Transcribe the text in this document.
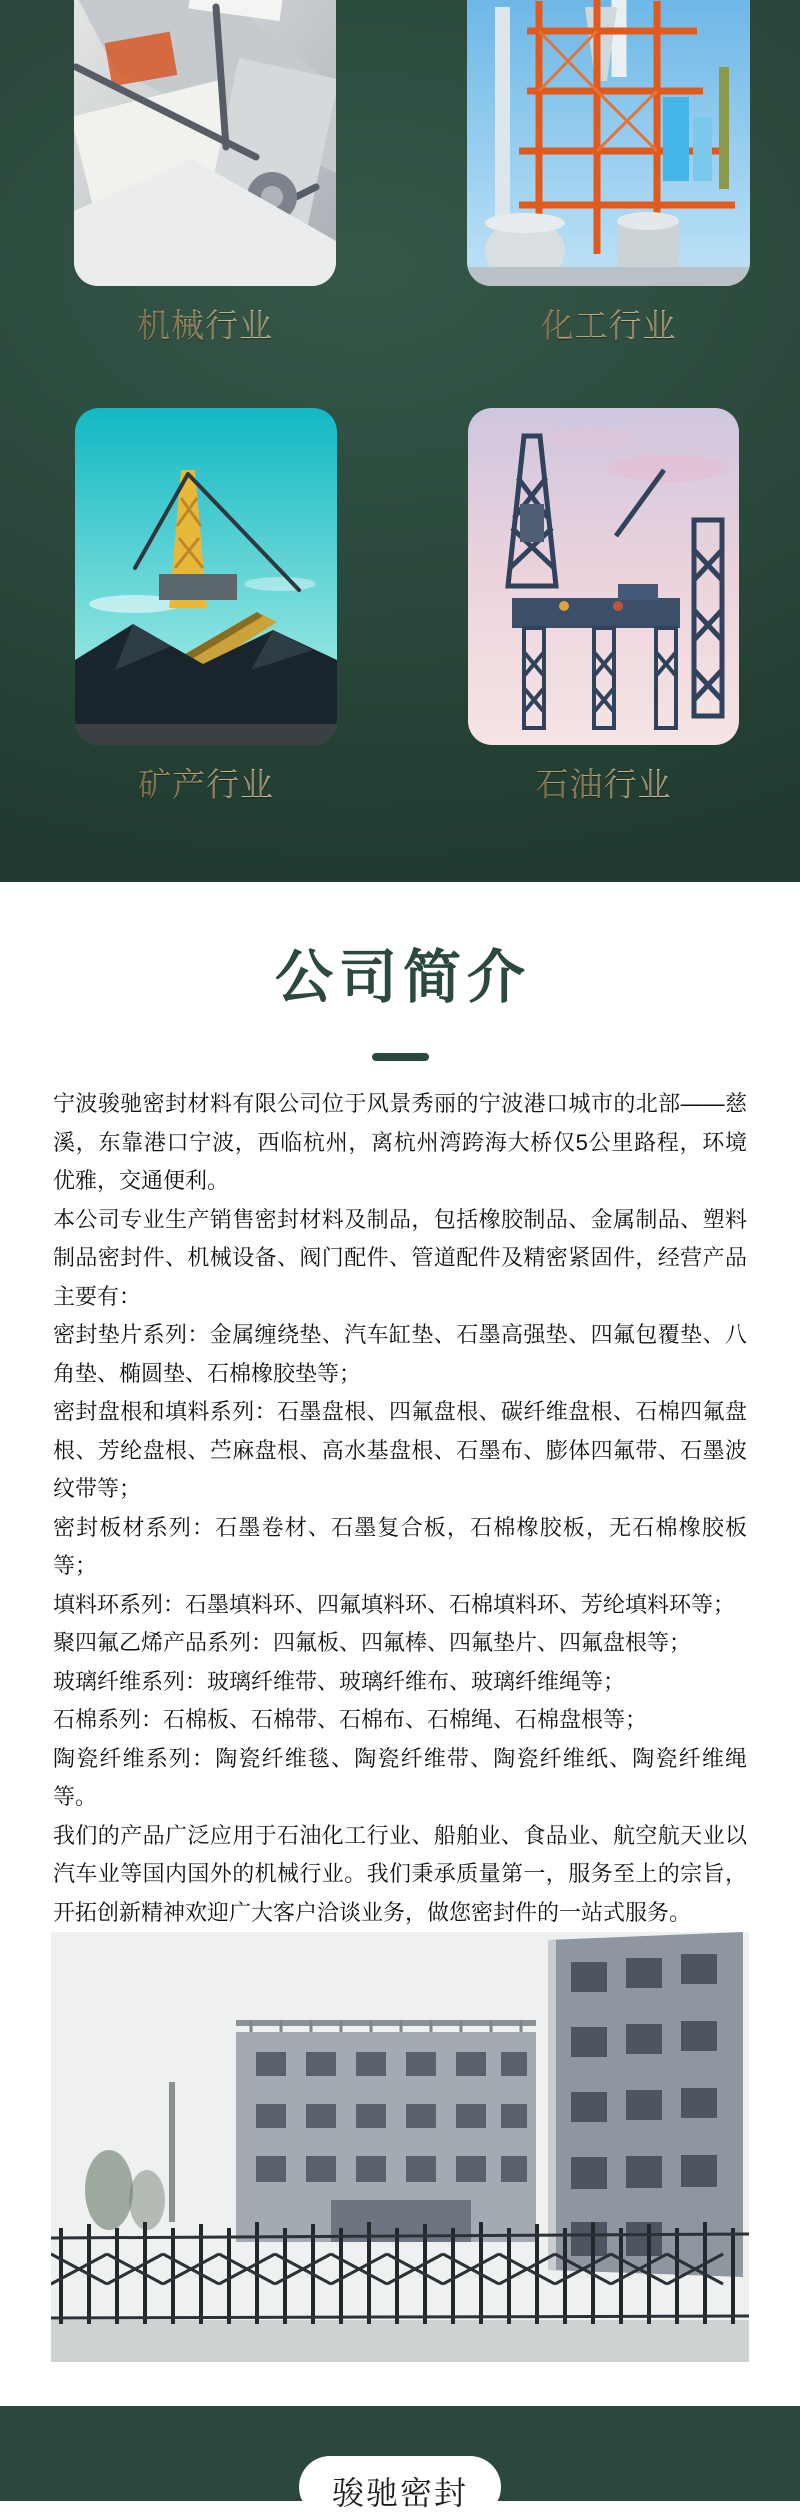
机械行业	化工行业
矿产行业	石油行业
公司简介

宁波骏驰密封材料有限公司位于风景秀丽的宁波港口城市的北部——慈溪，东靠港口宁波，西临杭州，离杭州湾跨海大桥仅5公里路程，环境优雅，交通便利。

本公司专业生产销售密封材料及制品，包括橡胶制品、金属制品、塑料制品密封件、机械设备、阀门配件、管道配件及精密紧固件，经营产品主要有：

密封垫片系列：金属缠绕垫、汽车缸垫、石墨高强垫、四氟包覆垫、八角垫、椭圆垫、石棉橡胶垫等；

密封盘根和填料系列：石墨盘根、四氟盘根、碳纤维盘根、石棉四氟盘根、芳纶盘根、苎麻盘根、高水基盘根、石墨布、膨体四氟带、石墨波纹带等；

密封板材系列：石墨卷材、石墨复合板，石棉橡胶板，无石棉橡胶板等；

填料环系列：石墨填料环、四氟填料环、石棉填料环、芳纶填料环等；

聚四氟乙烯产品系列：四氟板、四氟棒、四氟垫片、四氟盘根等；

玻璃纤维系列：玻璃纤维带、玻璃纤维布、玻璃纤维绳等；

石棉系列：石棉板、石棉带、石棉布、石棉绳、石棉盘根等；

陶瓷纤维系列：陶瓷纤维毯、陶瓷纤维带、陶瓷纤维纸、陶瓷纤维绳等。

我们的产品广泛应用于石油化工行业、船舶业、食品业、航空航天业以汽车业等国内国外的机械行业。我们秉承质量第一，服务至上的宗旨，开拓创新精神欢迎广大客户洽谈业务，做您密封件的一站式服务。

骏驰密封
